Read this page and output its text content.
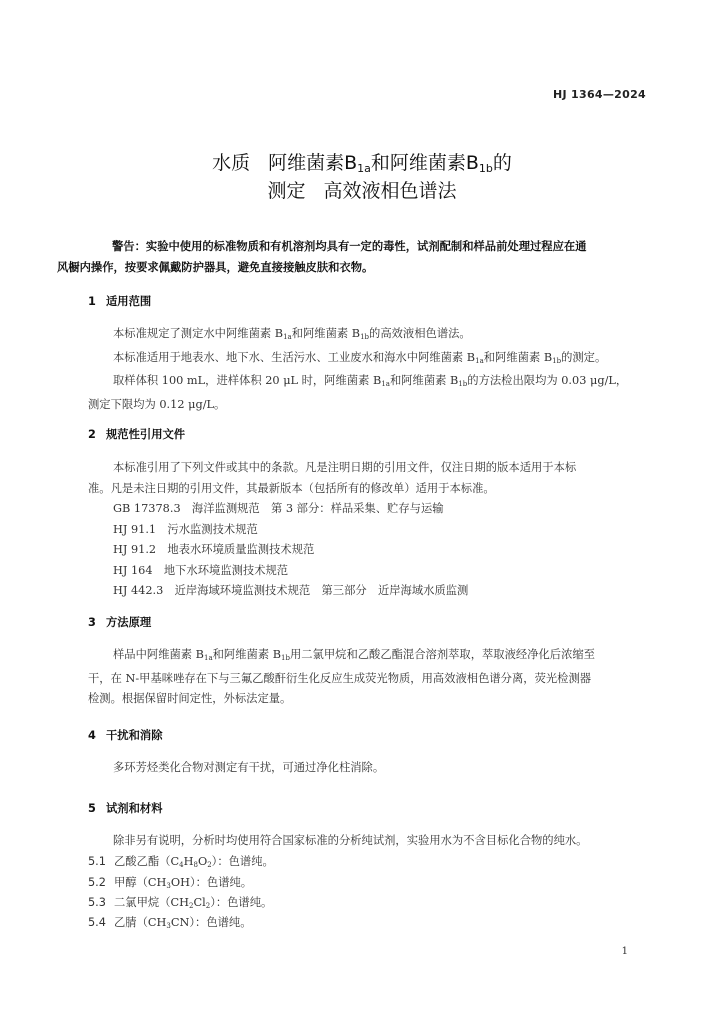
HJ 1364—2024
水质 阿维菌素$B_{1a}$和阿维菌素$B_{1b}$的
测定 高效液相色谱法
警告：实验中使用的标准物质和有机溶剂均具有一定的毒性，试剂配制和样品前处理过程应在通
风橱内操作，按要求佩戴防护器具，避免直接接触皮肤和衣物。
1 适用范围
本标准规定了测定水中阿维菌素 $B_{1a}$和阿维菌素 $B_{1b}$的高效液相色谱法。
本标准适用于地表水、地下水、生活污水、工业废水和海水中阿维菌素 $B_{1a}$和阿维菌素 $B_{1b}$的测定。
取样体积 100 mL，进样体积 20 μL 时，阿维菌素 $B_{1a}$和阿维菌素 $B_{1b}$的方法检出限均为 0.03 μg/L，
测定下限均为 0.12 μg/L。
2 规范性引用文件
本标准引用了下列文件或其中的条款。凡是注明日期的引用文件，仅注日期的版本适用于本标
准。凡是未注日期的引用文件，其最新版本（包括所有的修改单）适用于本标准。
GB 17378.3　海洋监测规范　第 3 部分：样品采集、贮存与运输
HJ 91.1　污水监测技术规范
HJ 91.2　地表水环境质量监测技术规范
HJ 164　地下水环境监测技术规范
HJ 442.3　近岸海域环境监测技术规范　第三部分　近岸海域水质监测
3 方法原理
样品中阿维菌素 $B_{1a}$和阿维菌素 $B_{1b}$用二氯甲烷和乙酸乙酯混合溶剂萃取，萃取液经净化后浓缩至
干，在 N-甲基咪唑存在下与三氟乙酸酐衍生化反应生成荧光物质，用高效液相色谱分离，荧光检测器
检测。根据保留时间定性，外标法定量。
4 干扰和消除
多环芳烃类化合物对测定有干扰，可通过净化柱消除。
5 试剂和材料
除非另有说明，分析时均使用符合国家标准的分析纯试剂，实验用水为不含目标化合物的纯水。
5.1 乙酸乙酯$(C_4H_8O_2)$：色谱纯。
5.2 甲醇$(CH_3OH)$：色谱纯。
5.3 二氯甲烷$(CH_2Cl_2)$：色谱纯。
5.4 乙腈$(CH_3CN)$：色谱纯。
1
